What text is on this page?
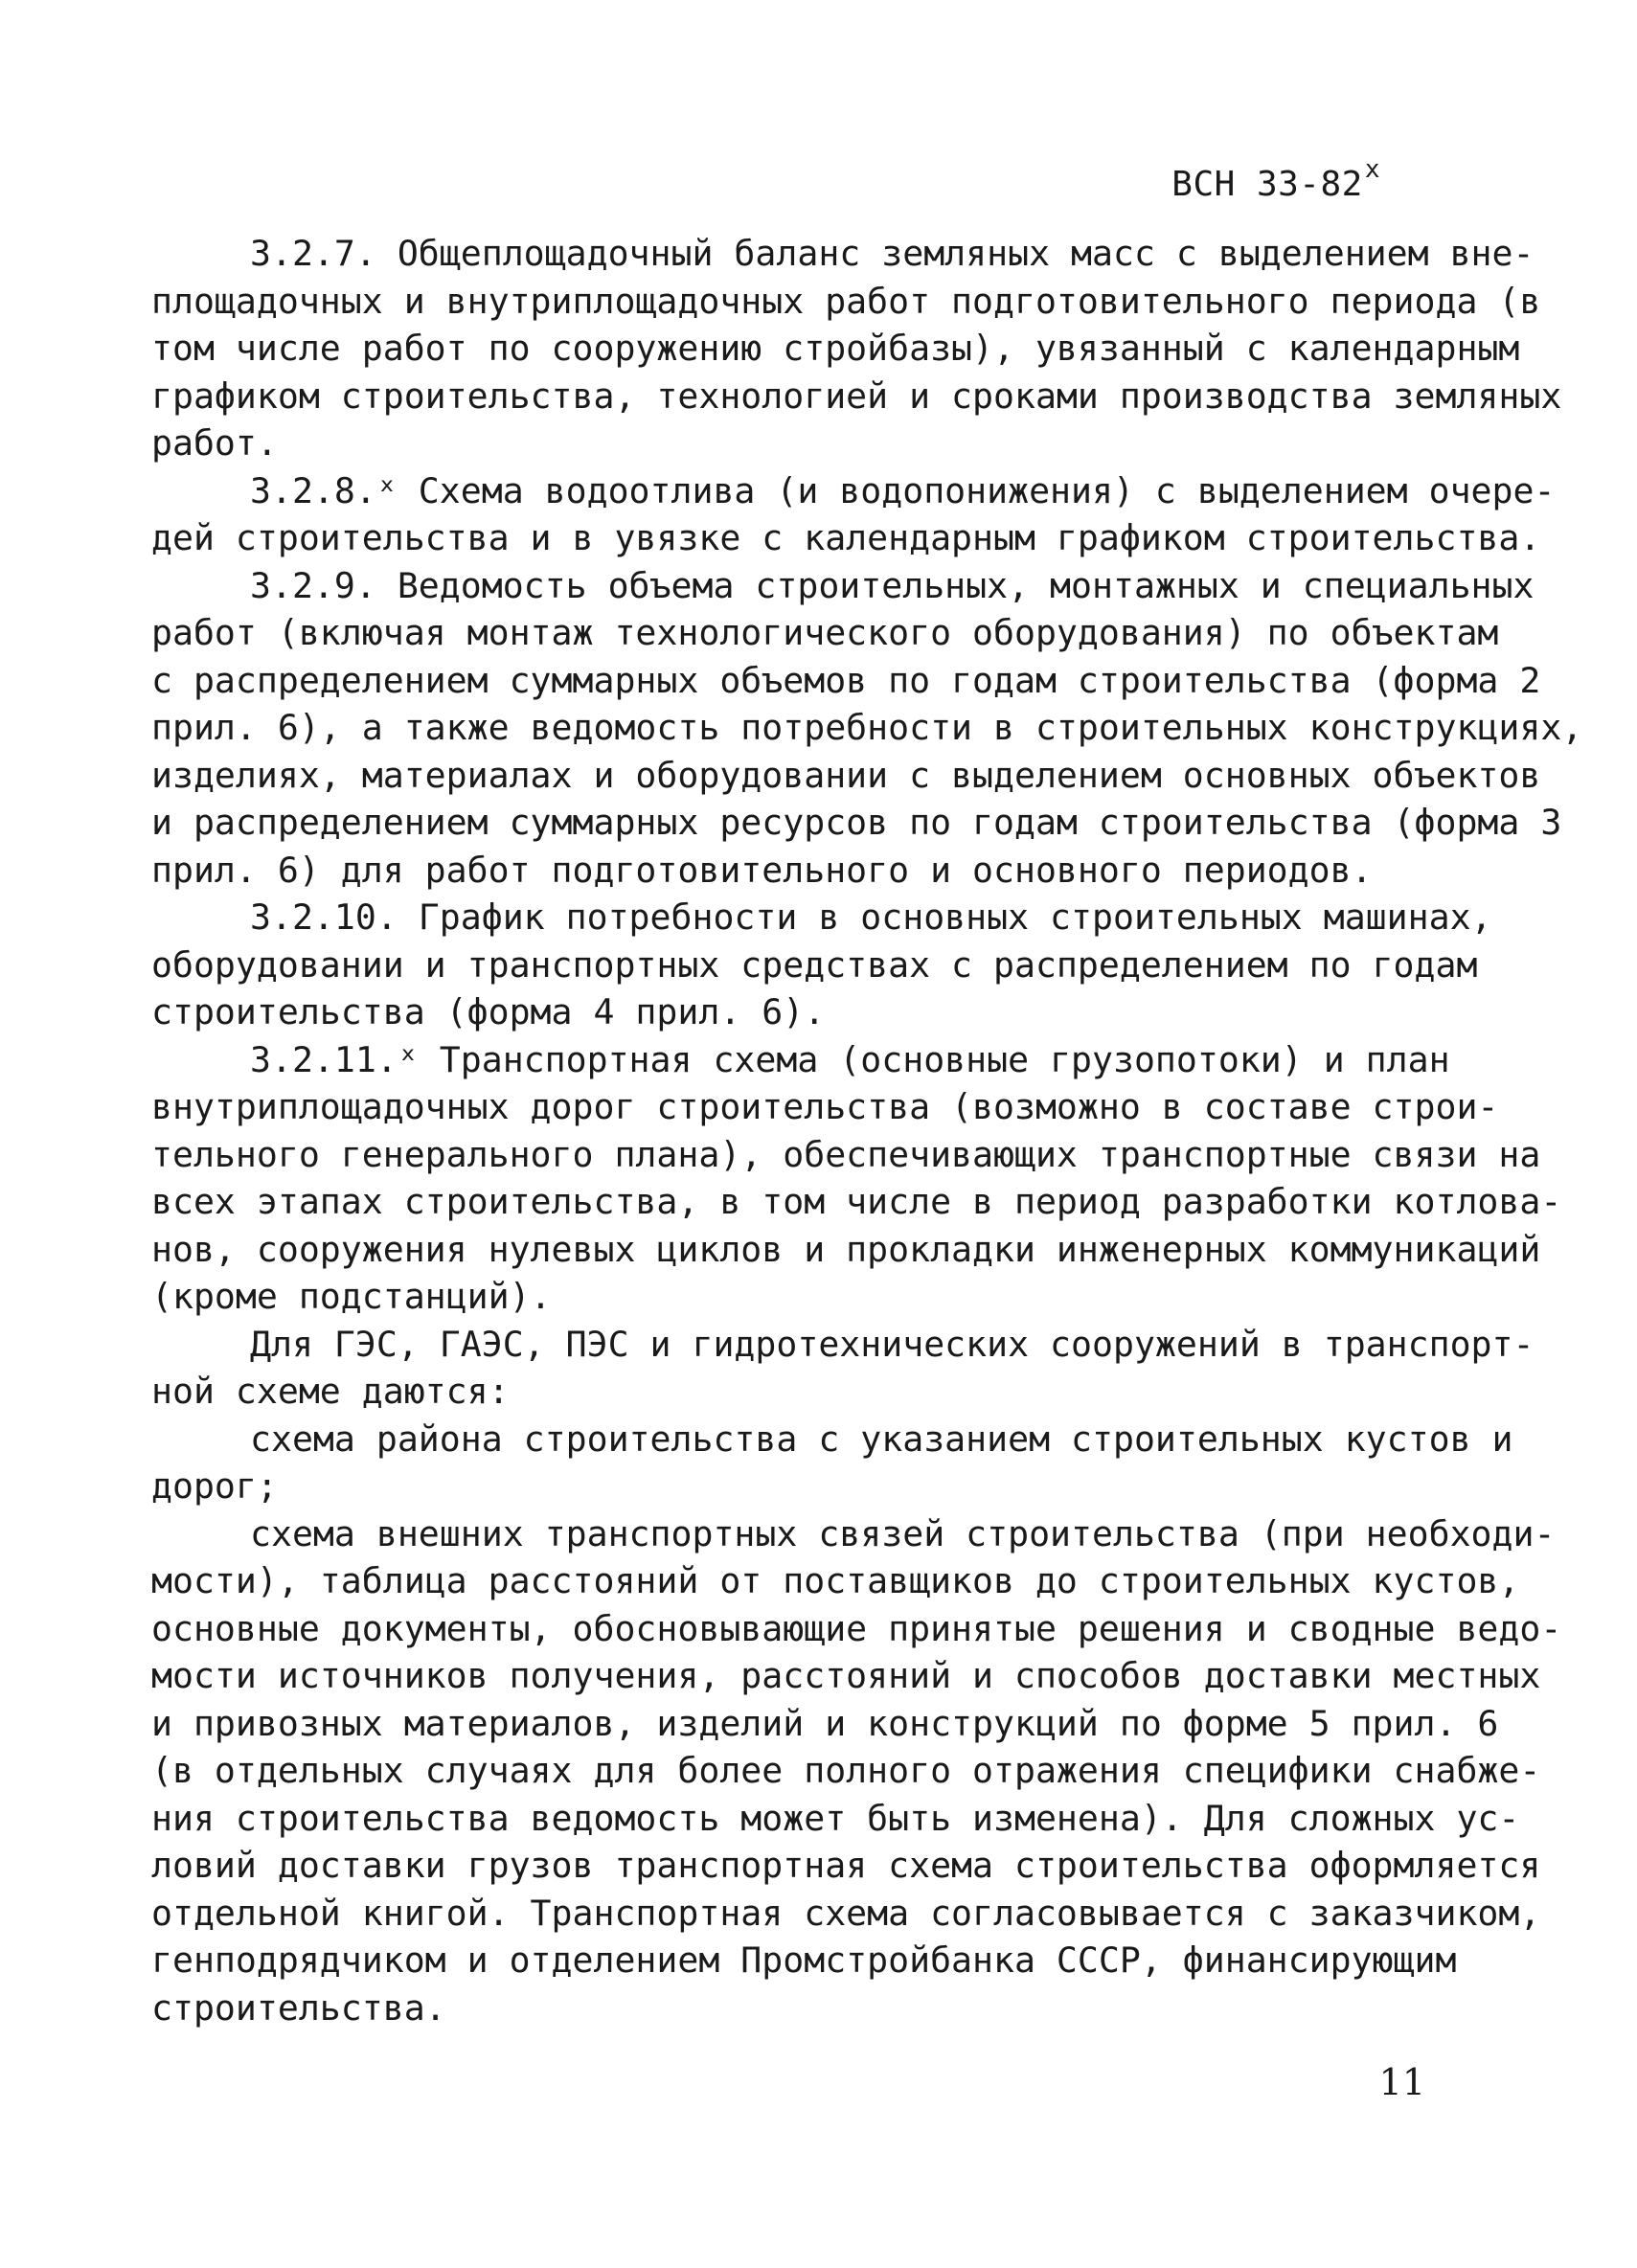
ВСН 33-82$^x$
3.2.7. Общеплощадочный баланс земляных масс с выделением вне-
площадочных и внутриплощадочных работ подготовительного периода (в
том числе работ по сооружению стройбазы), увязанный с календарным
графиком строительства, технологией и сроками производства земляных
работ.
3.2.8.ˣ Схема водоотлива (и водопонижения) с выделением очере-
дей строительства и в увязке с календарным графиком строительства.
3.2.9. Ведомость объема строительных, монтажных и специальных
работ (включая монтаж технологического оборудования) по объектам
с распределением суммарных объемов по годам строительства (форма 2
прил. 6), а также ведомость потребности в строительных конструкциях,
изделиях, материалах и оборудовании с выделением основных объектов
и распределением суммарных ресурсов по годам строительства (форма 3
прил. 6) для работ подготовительного и основного периодов.
3.2.10. График потребности в основных строительных машинах,
оборудовании и транспортных средствах с распределением по годам
строительства (форма 4 прил. 6).
3.2.11.ˣ Транспортная схема (основные грузопотоки) и план
внутриплощадочных дорог строительства (возможно в составе строи-
тельного генерального плана), обеспечивающих транспортные связи на
всех этапах строительства, в том числе в период разработки котлова-
нов, сооружения нулевых циклов и прокладки инженерных коммуникаций
(кроме подстанций).
Для ГЭС, ГАЭС, ПЭС и гидротехнических сооружений в транспорт-
ной схеме даются:
схема района строительства с указанием строительных кустов и
дорог;
схема внешних транспортных связей строительства (при необходи-
мости), таблица расстояний от поставщиков до строительных кустов,
основные документы, обосновывающие принятые решения и сводные ведо-
мости источников получения, расстояний и способов доставки местных
и привозных материалов, изделий и конструкций по форме 5 прил. 6
(в отдельных случаях для более полного отражения специфики снабже-
ния строительства ведомость может быть изменена). Для сложных ус-
ловий доставки грузов транспортная схема строительства оформляется
отдельной книгой. Транспортная схема согласовывается с заказчиком,
генподрядчиком и отделением Промстройбанка СССР, финансирующим
строительства.
11
